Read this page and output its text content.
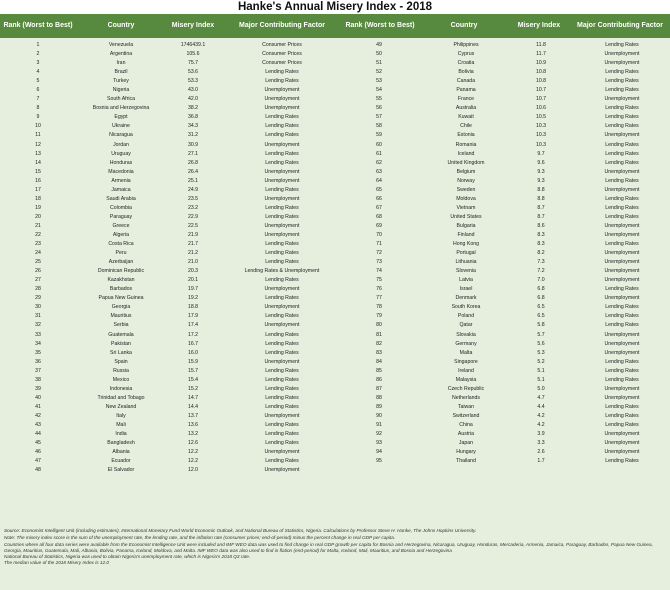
Hanke's Annual Misery Index - 2018
Rank (Worst to Best)	Country	Misery Index	Major Contributing Factor	Rank (Worst to Best)	Country	Misery Index	Major Contributing Factor
1	Venezuela	1746439.1	Consumer Prices
2	Argentina	105.6	Consumer Prices
3	Iran	75.7	Consumer Prices
4	Brazil	53.6	Lending Rates
5	Turkey	53.3	Lending Rates
6	Nigeria	43.0	Unemployment
7	South Africa	42.0	Unemployment
8	Bosnia and Herzegovina	38.2	Unemployment
9	Egypt	36.8	Lending Rates
10	Ukraine	34.3	Lending Rates
11	Nicaragua	31.2	Lending Rates
12	Jordan	30.9	Unemployment
13	Uruguay	27.1	Lending Rates
14	Honduras	26.8	Lending Rates
15	Macedonia	26.4	Unemployment
16	Armenia	25.1	Unemployment
17	Jamaica	24.9	Lending Rates
18	Saudi Arabia	23.5	Unemployment
19	Colombia	23.2	Lending Rates
20	Paraguay	22.9	Lending Rates
21	Greece	22.5	Unemployment
22	Algeria	21.9	Unemployment
23	Costa Rica	21.7	Lending Rates
24	Peru	21.2	Lending Rates
25	Azerbaijan	21.0	Lending Rates
26	Dominican Republic	20.3	Lending Rates & Unemployment
27	Kazakhstan	20.1	Lending Rates
28	Barbados	19.7	Unemployment
29	Papua New Guinea	19.2	Lending Rates
30	Georgia	18.8	Unemployment
31	Mauritius	17.9	Lending Rates
32	Serbia	17.4	Unemployment
33	Guatemala	17.2	Lending Rates
34	Pakistan	16.7	Lending Rates
35	Sri Lanka	16.0	Lending Rates
36	Spain	15.9	Unemployment
37	Russia	15.7	Lending Rates
38	Mexico	15.4	Lending Rates
39	Indonesia	15.2	Lending Rates
40	Trinidad and Tobago	14.7	Lending Rates
41	New Zealand	14.4	Lending Rates
42	Italy	13.7	Unemployment
43	Mali	13.6	Lending Rates
44	India	13.2	Lending Rates
45	Bangladesh	12.6	Lending Rates
46	Albania	12.2	Unemployment
47	Ecuador	12.2	Lending Rates
48	El Salvador	12.0	Unemployment
49	Philippines	11.8	Lending Rates
50	Cyprus	11.7	Unemployment
51	Croatia	10.9	Unemployment
52	Bolivia	10.8	Lending Rates
53	Canada	10.8	Lending Rates
54	Panama	10.7	Lending Rates
55	France	10.7	Unemployment
56	Australia	10.6	Lending Rates
57	Kuwait	10.5	Lending Rates
58	Chile	10.3	Lending Rates
59	Estonia	10.3	Unemployment
60	Romania	10.3	Lending Rates
61	Iceland	9.7	Lending Rates
62	United Kingdom	9.6	Lending Rates
63	Belgium	9.3	Unemployment
64	Norway	9.3	Lending Rates
65	Sweden	8.8	Unemployment
66	Moldova	8.8	Lending Rates
67	Vietnam	8.7	Lending Rates
68	United States	8.7	Lending Rates
69	Bulgaria	8.6	Unemployment
70	Finland	8.3	Unemployment
71	Hong Kong	8.3	Lending Rates
72	Portugal	8.2	Unemployment
73	Lithuania	7.3	Unemployment
74	Slovenia	7.2	Unemployment
75	Latvia	7.0	Unemployment
76	Israel	6.8	Lending Rates
77	Denmark	6.8	Unemployment
78	South Korea	6.5	Lending Rates
79	Poland	6.5	Lending Rates
80	Qatar	5.8	Lending Rates
81	Slovakia	5.7	Unemployment
82	Germany	5.6	Unemployment
83	Malta	5.3	Unemployment
84	Singapore	5.2	Lending Rates
85	Ireland	5.1	Lending Rates
86	Malaysia	5.1	Lending Rates
87	Czech Republic	5.0	Unemployment
88	Netherlands	4.7	Unemployment
89	Taiwan	4.4	Lending Rates
90	Switzerland	4.2	Lending Rates
91	China	4.2	Lending Rates
92	Austria	3.9	Unemployment
93	Japan	3.3	Unemployment
94	Hungary	2.6	Unemployment
95	Thailand	1.7	Lending Rates

Source: Economist Intelligent Unit (including estimates), International Monetary Fund World Economic Outlook, and National Bureau of Statistics, Nigeria. Calculations by Professor Steve H. Hanke, The Johns Hopkins University.

Note: The misery index score is the sum of the unemployment rate, the lending rate, and the inflation rate (consumer prices; end-of-period) minus the percent change in real GDP per capita.

Countries where all four data series were available from the Economist Intelligence Unit were included and IMF WEO data was used to find change in real GDP growth per capita for Bosnia and Herzegovina, Nicaragua, Uruguay, Honduras, Mercaderia, Armenia, Jamaica, Paraguay, Barbados, Papua New Guinea, Georgia, Mauritius, Guatemala, Mali, Albania, Bolivia, Panama, Iceland, Moldova, and Malta. IMF WEO data was also used to find in flation (end-period) for Malta, Iceland, Mali, Mauritius, and Bosnia and Herzegovina

National Bureau of Statistics, Nigeria was used to obtain Nigeria's unemployment rate, which is Nigeria's 2018 Q3 rate.

The median value of the 2018 Misery Index is 12.0
